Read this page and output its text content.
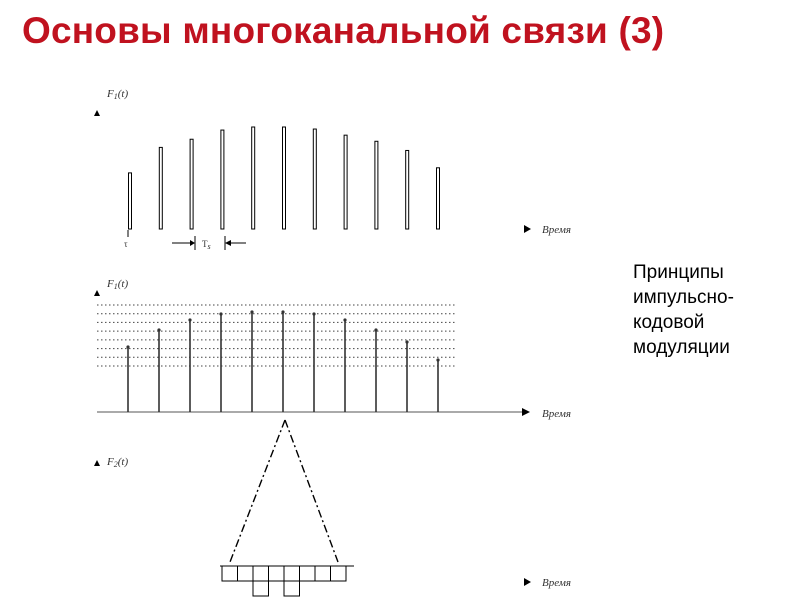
Основы многоканальной связи (3)
Принципы
импульсно-
кодовой
модуляции
F1(t)
Время
τ	Ts
F1(t)
Время
F2(t)
Время
